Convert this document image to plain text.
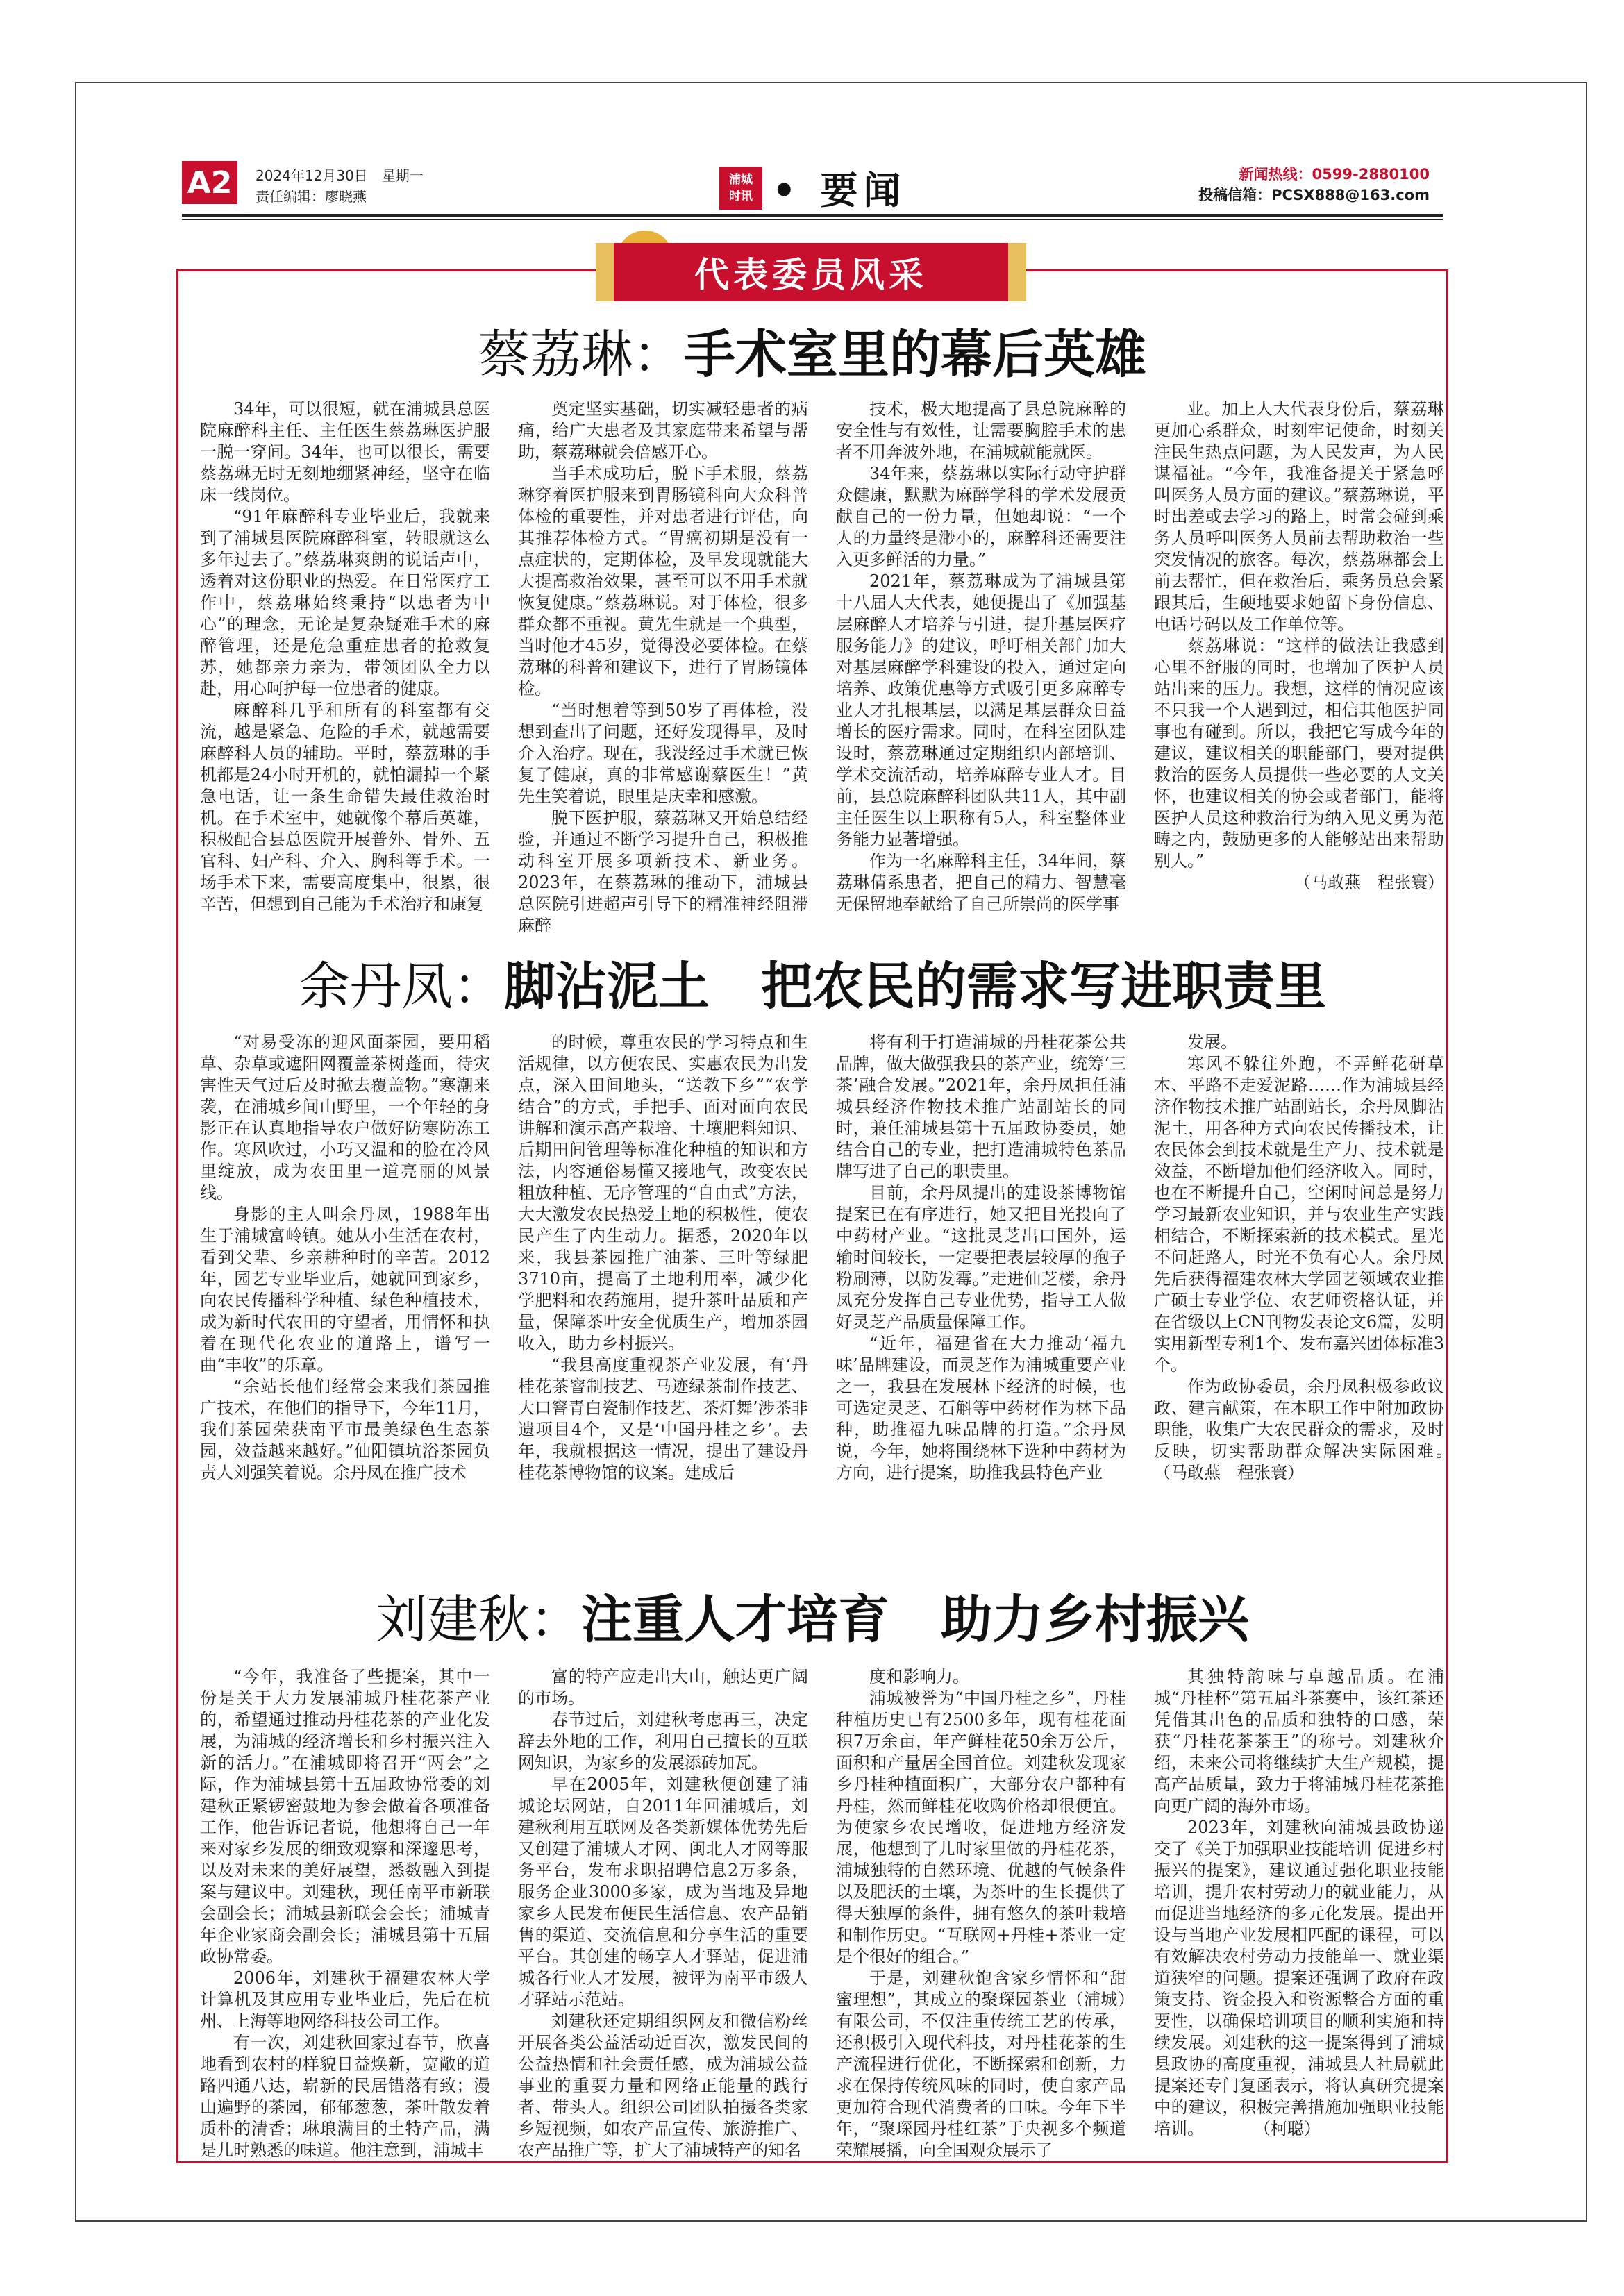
A2	2024年12月30日　星期一
责任编辑：廖晓燕
浦城
时讯 • 要闻	新闻热线：0599-2880100
投稿信箱：PCSX888@163.com
代表委员风采
蔡荔琳：手术室里的幕后英雄

34年，可以很短，就在浦城县总医院麻醉科主任、主任医生蔡荔琳医护服一脱一穿间。34年，也可以很长，需要蔡荔琳无时无刻地绷紧神经，坚守在临床一线岗位。

“91年麻醉科专业毕业后，我就来到了浦城县医院麻醉科室，转眼就这么多年过去了。”蔡荔琳爽朗的说话声中，透着对这份职业的热爱。在日常医疗工作中，蔡荔琳始终秉持“以患者为中心”的理念，无论是复杂疑难手术的麻醉管理，还是危急重症患者的抢救复苏，她都亲力亲为，带领团队全力以赴，用心呵护每一位患者的健康。

麻醉科几乎和所有的科室都有交流，越是紧急、危险的手术，就越需要麻醉科人员的辅助。平时，蔡荔琳的手机都是24小时开机的，就怕漏掉一个紧急电话，让一条生命错失最佳救治时机。在手术室中，她就像个幕后英雄，积极配合县总医院开展普外、骨外、五官科、妇产科、介入、胸科等手术。一场手术下来，需要高度集中，很累，很辛苦，但想到自己能为手术治疗和康复

奠定坚实基础，切实减轻患者的病痛，给广大患者及其家庭带来希望与帮助，蔡荔琳就会倍感开心。

当手术成功后，脱下手术服，蔡荔琳穿着医护服来到胃肠镜科向大众科普体检的重要性，并对患者进行评估，向其推荐体检方式。“胃癌初期是没有一点症状的，定期体检，及早发现就能大大提高救治效果，甚至可以不用手术就恢复健康。”蔡荔琳说。对于体检，很多群众都不重视。黄先生就是一个典型，当时他才45岁，觉得没必要体检。在蔡荔琳的科普和建议下，进行了胃肠镜体检。

“当时想着等到50岁了再体检，没想到查出了问题，还好发现得早，及时介入治疗。现在，我没经过手术就已恢复了健康，真的非常感谢蔡医生！”黄先生笑着说，眼里是庆幸和感激。

脱下医护服，蔡荔琳又开始总结经验，并通过不断学习提升自己，积极推动科室开展多项新技术、新业务。2023年，在蔡荔琳的推动下，浦城县总医院引进超声引导下的精准神经阻滞麻醉

技术，极大地提高了县总院麻醉的安全性与有效性，让需要胸腔手术的患者不用奔波外地，在浦城就能就医。

34年来，蔡荔琳以实际行动守护群众健康，默默为麻醉学科的学术发展贡献自己的一份力量，但她却说：“一个人的力量终是渺小的，麻醉科还需要注入更多鲜活的力量。”

2021年，蔡荔琳成为了浦城县第十八届人大代表，她便提出了《加强基层麻醉人才培养与引进，提升基层医疗服务能力》的建议，呼吁相关部门加大对基层麻醉学科建设的投入，通过定向培养、政策优惠等方式吸引更多麻醉专业人才扎根基层，以满足基层群众日益增长的医疗需求。同时，在科室团队建设时，蔡荔琳通过定期组织内部培训、学术交流活动，培养麻醉专业人才。目前，县总院麻醉科团队共11人，其中副主任医生以上职称有5人，科室整体业务能力显著增强。

作为一名麻醉科主任，34年间，蔡荔琳倩系患者，把自己的精力、智慧毫无保留地奉献给了自己所崇尚的医学事

业。加上人大代表身份后，蔡荔琳更加心系群众，时刻牢记使命，时刻关注民生热点问题，为人民发声，为人民谋福祉。“今年，我准备提关于紧急呼叫医务人员方面的建议。”蔡荔琳说，平时出差或去学习的路上，时常会碰到乘务人员呼叫医务人员前去帮助救治一些突发情况的旅客。每次，蔡荔琳都会上前去帮忙，但在救治后，乘务员总会紧跟其后，生硬地要求她留下身份信息、电话号码以及工作单位等。

蔡荔琳说：“这样的做法让我感到心里不舒服的同时，也增加了医护人员站出来的压力。我想，这样的情况应该不只我一个人遇到过，相信其他医护同事也有碰到。所以，我把它写成今年的建议，建议相关的职能部门，要对提供救治的医务人员提供一些必要的人文关怀，也建议相关的协会或者部门，能将医护人员这种救治行为纳入见义勇为范畴之内，鼓励更多的人能够站出来帮助别人。”

（马敢燕　程张寰）

余丹凤：脚沾泥土　把农民的需求写进职责里

“对易受冻的迎风面茶园，要用稻草、杂草或遮阳网覆盖茶树蓬面，待灾害性天气过后及时掀去覆盖物。”寒潮来袭，在浦城乡间山野里，一个年轻的身影正在认真地指导农户做好防寒防冻工作。寒风吹过，小巧又温和的脸在冷风里绽放，成为农田里一道亮丽的风景线。

身影的主人叫余丹凤，1988年出生于浦城富岭镇。她从小生活在农村，看到父辈、乡亲耕种时的辛苦。2012年，园艺专业毕业后，她就回到家乡，向农民传播科学种植、绿色种植技术，成为新时代农田的守望者，用情怀和执着在现代化农业的道路上，谱写一曲“丰收”的乐章。

“余站长他们经常会来我们茶园推广技术，在他们的指导下，今年11月，我们茶园荣获南平市最美绿色生态茶园，效益越来越好。”仙阳镇坑浴茶园负责人刘强笑着说。余丹凤在推广技术

的时候，尊重农民的学习特点和生活规律，以方便农民、实惠农民为出发点，深入田间地头，“送教下乡”“农学结合”的方式，手把手、面对面向农民讲解和演示高产栽培、土壤肥料知识、后期田间管理等标准化种植的知识和方法，内容通俗易懂又接地气，改变农民粗放种植、无序管理的“自由式”方法，大大激发农民热爱土地的积极性，使农民产生了内生动力。据悉，2020年以来，我县茶园推广油茶、三叶等绿肥3710亩，提高了土地利用率，减少化学肥料和农药施用，提升茶叶品质和产量，保障茶叶安全优质生产，增加茶园收入，助力乡村振兴。

“我县高度重视茶产业发展，有‘丹桂花茶窨制技艺、马迹绿茶制作技艺、大口窨青白瓷制作技艺、茶灯舞’涉茶非遗项目4个，又是‘中国丹桂之乡’。去年，我就根据这一情况，提出了建设丹桂花茶博物馆的议案。建成后

将有利于打造浦城的丹桂花茶公共品牌，做大做强我县的茶产业，统筹‘三茶’融合发展。”2021年，余丹凤担任浦城县经济作物技术推广站副站长的同时，兼任浦城县第十五届政协委员，她结合自己的专业，把打造浦城特色茶品牌写进了自己的职责里。

目前，余丹凤提出的建设茶博物馆提案已在有序进行，她又把目光投向了中药材产业。“这批灵芝出口国外，运输时间较长，一定要把表层较厚的孢子粉刷薄，以防发霉。”走进仙芝楼，余丹凤充分发挥自己专业优势，指导工人做好灵芝产品质量保障工作。

“近年，福建省在大力推动‘福九味’品牌建设，而灵芝作为浦城重要产业之一，我县在发展林下经济的时候，也可选定灵芝、石斛等中药材作为林下品种，助推福九味品牌的打造。”余丹凤说，今年，她将围绕林下选种中药材为方向，进行提案，助推我县特色产业

发展。

寒风不躲往外跑，不弄鲜花研草木、平路不走爱泥路……作为浦城县经济作物技术推广站副站长，余丹凤脚沾泥土，用各种方式向农民传播技术，让农民体会到技术就是生产力、技术就是效益，不断增加他们经济收入。同时，也在不断提升自己，空闲时间总是努力学习最新农业知识，并与农业生产实践相结合，不断探索新的技术模式。星光不问赶路人，时光不负有心人。余丹凤先后获得福建农林大学园艺领域农业推广硕士专业学位、农艺师资格认证，并在省级以上CN刊物发表论文6篇，发明实用新型专利1个、发布嘉兴团体标准3个。

作为政协委员，余丹凤积极参政议政、建言献策，在本职工作中附加政协职能，收集广大农民群众的需求，及时反映，切实帮助群众解决实际困难。　　（马敢燕　程张寰）

刘建秋：注重人才培育　助力乡村振兴

“今年，我准备了些提案，其中一份是关于大力发展浦城丹桂花茶产业的，希望通过推动丹桂花茶的产业化发展，为浦城的经济增长和乡村振兴注入新的活力。”在浦城即将召开“两会”之际，作为浦城县第十五届政协常委的刘建秋正紧锣密鼓地为参会做着各项准备工作，他告诉记者说，他想将自己一年来对家乡发展的细致观察和深邃思考，以及对未来的美好展望，悉数融入到提案与建议中。刘建秋，现任南平市新联会副会长；浦城县新联会会长；浦城青年企业家商会副会长；浦城县第十五届政协常委。

2006年，刘建秋于福建农林大学计算机及其应用专业毕业后，先后在杭州、上海等地网络科技公司工作。

有一次，刘建秋回家过春节，欣喜地看到农村的样貌日益焕新，宽敞的道路四通八达，崭新的民居错落有致；漫山遍野的茶园，郁郁葱葱，茶叶散发着质朴的清香；琳琅满目的土特产品，满是儿时熟悉的味道。他注意到，浦城丰

富的特产应走出大山，触达更广阔的市场。

春节过后，刘建秋考虑再三，决定辞去外地的工作，利用自己擅长的互联网知识，为家乡的发展添砖加瓦。

早在2005年，刘建秋便创建了浦城论坛网站，自2011年回浦城后，刘建秋利用互联网及各类新媒体优势先后又创建了浦城人才网、闽北人才网等服务平台，发布求职招聘信息2万多条，服务企业3000多家，成为当地及异地家乡人民发布便民生活信息、农产品销售的渠道、交流信息和分享生活的重要平台。其创建的畅享人才驿站，促进浦城各行业人才发展，被评为南平市级人才驿站示范站。

刘建秋还定期组织网友和微信粉丝开展各类公益活动近百次，激发民间的公益热情和社会责任感，成为浦城公益事业的重要力量和网络正能量的践行者、带头人。组织公司团队拍摄各类家乡短视频，如农产品宣传、旅游推广、农产品推广等，扩大了浦城特产的知名

度和影响力。

浦城被誉为“中国丹桂之乡”，丹桂种植历史已有2500多年，现有桂花面积7万余亩，年产鲜桂花50余万公斤，面积和产量居全国首位。刘建秋发现家乡丹桂种植面积广，大部分农户都种有丹桂，然而鲜桂花收购价格却很便宜。为使家乡农民增收，促进地方经济发展，他想到了儿时家里做的丹桂花茶，浦城独特的自然环境、优越的气候条件以及肥沃的土壤，为茶叶的生长提供了得天独厚的条件，拥有悠久的茶叶栽培和制作历史。“互联网+丹桂+茶业一定是个很好的组合。”

于是，刘建秋饱含家乡情怀和“甜蜜理想”，其成立的聚琛园茶业（浦城）有限公司，不仅注重传统工艺的传承，还积极引入现代科技，对丹桂花茶的生产流程进行优化，不断探索和创新，力求在保持传统风味的同时，使自家产品更加符合现代消费者的口味。今年下半年，“聚琛园丹桂红茶”于央视多个频道荣耀展播，向全国观众展示了

其独特韵味与卓越品质。在浦城“丹桂杯”第五届斗茶赛中，该红茶还凭借其出色的品质和独特的口感，荣获“丹桂花茶茶王”的称号。刘建秋介绍，未来公司将继续扩大生产规模，提高产品质量，致力于将浦城丹桂花茶推向更广阔的海外市场。

2023年，刘建秋向浦城县政协递交了《关于加强职业技能培训 促进乡村振兴的提案》，建议通过强化职业技能培训，提升农村劳动力的就业能力，从而促进当地经济的多元化发展。提出开设与当地产业发展相匹配的课程，可以有效解决农村劳动力技能单一、就业渠道狭窄的问题。提案还强调了政府在政策支持、资金投入和资源整合方面的重要性，以确保培训项目的顺利实施和持续发展。刘建秋的这一提案得到了浦城县政协的高度重视，浦城县人社局就此提案还专门复函表示，将认真研究提案中的建议，积极完善措施加强职业技能培训。　　　　（柯聪）
